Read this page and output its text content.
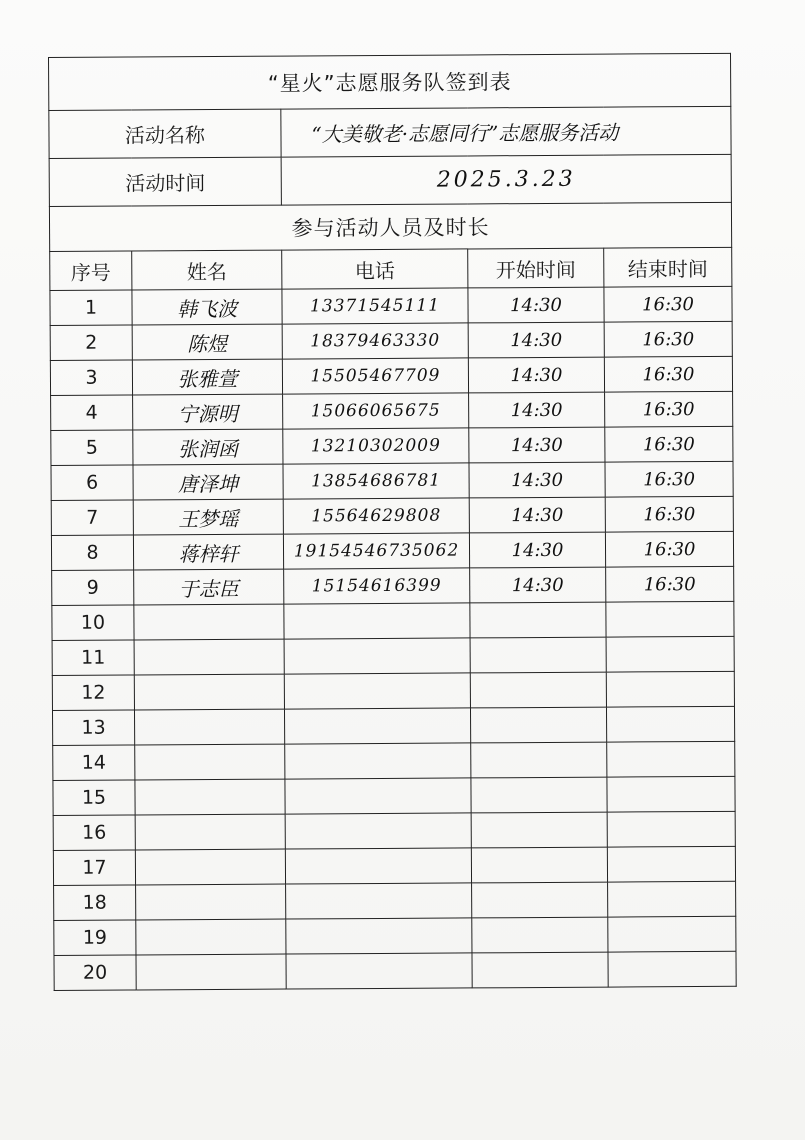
“星火”志愿服务队签到表				
活动名称		“大美敬老·志愿同行”志愿服务活动		
活动时间		2025.3.23		
参与活动人员及时长				
序号	姓名	电话	开始时间	结束时间
1	韩飞波	13371545111	14:30	16:30
2	陈煜	18379463330	14:30	16:30
3	张雅萱	15505467709	14:30	16:30
4	宁源明	15066065675	14:30	16:30
5	张润函	13210302009	14:30	16:30
6	唐泽坤	13854686781	14:30	16:30
7	王梦瑶	15564629808	14:30	16:30
8	蒋梓轩	19154546735062	14:30	16:30
9	于志臣	15154616399	14:30	16:30
10				
11				
12				
13				
14				
15				
16				
17				
18				
19				
20				
